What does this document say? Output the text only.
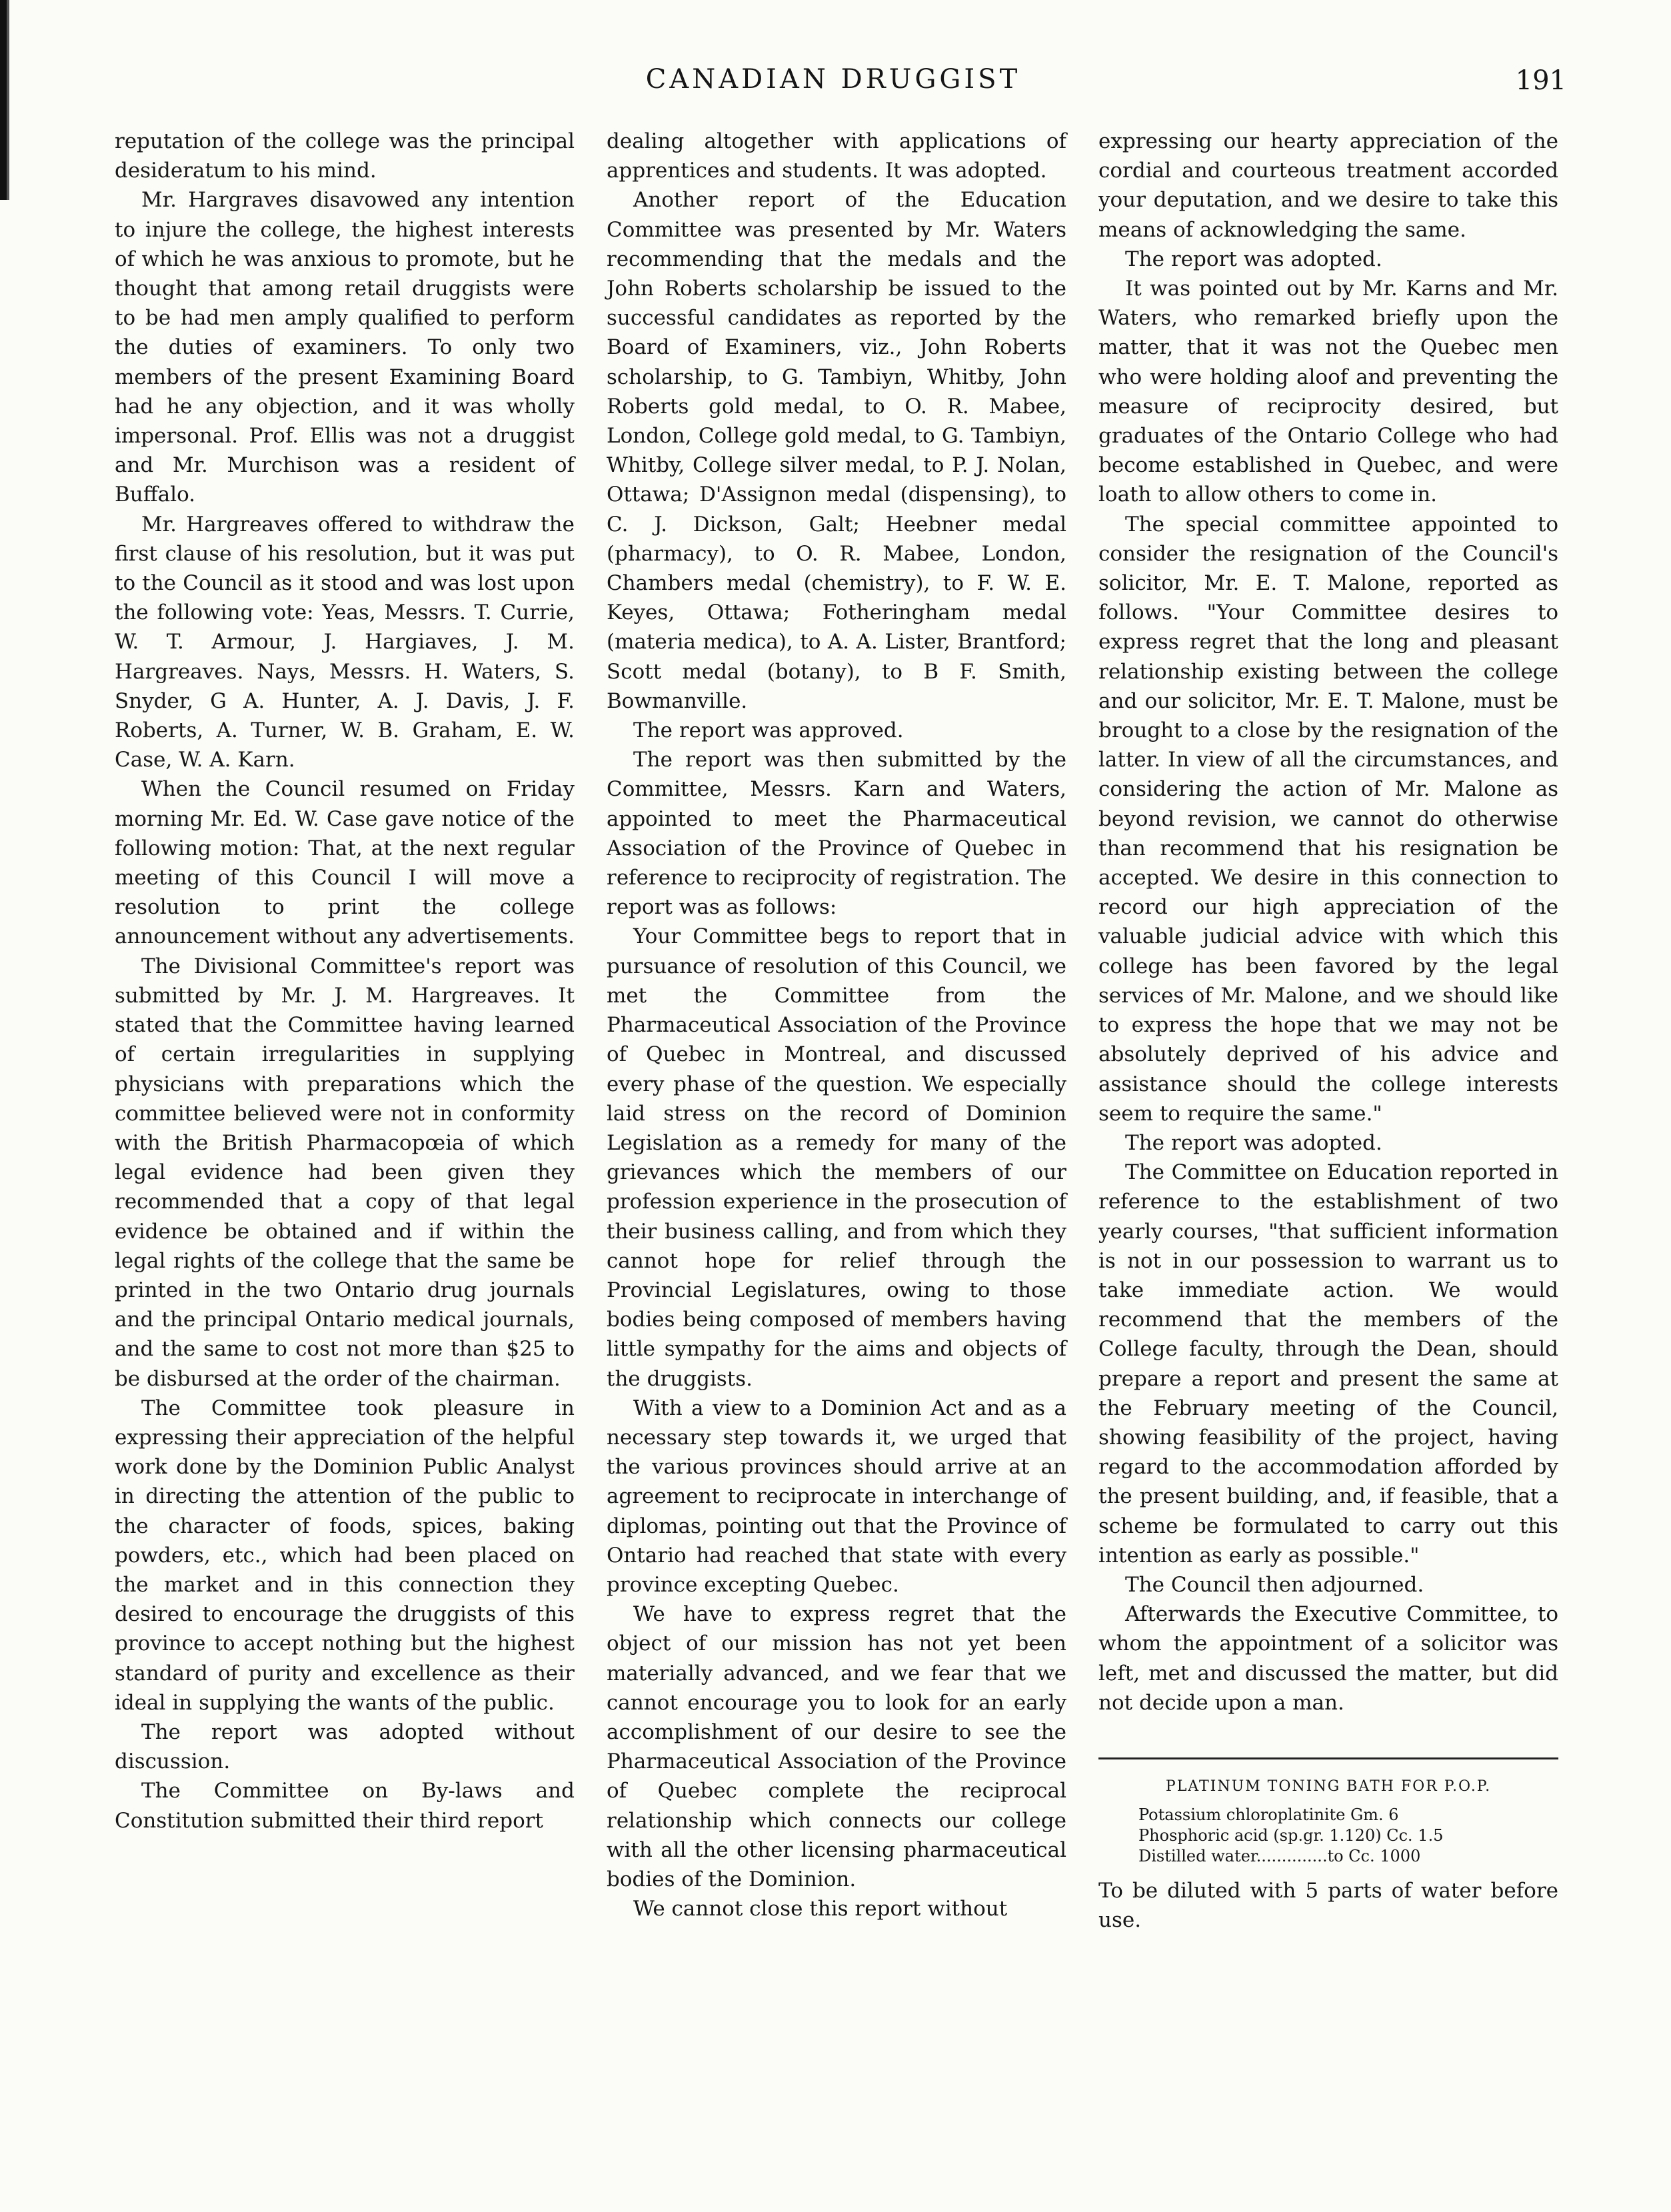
CANADIAN DRUGGIST	191

reputation of the college was the principal desideratum to his mind.

Mr. Hargraves disavowed any intention to injure the college, the highest interests of which he was anxious to promote, but he thought that among retail druggists were to be had men amply qualified to perform the duties of examiners. To only two members of the present Examining Board had he any objection, and it was wholly impersonal. Prof. Ellis was not a druggist and Mr. Murchison was a resident of Buffalo.

Mr. Hargreaves offered to withdraw the first clause of his resolution, but it was put to the Council as it stood and was lost upon the following vote: Yeas, Messrs. T. Currie, W. T. Armour, J. Hargiaves, J. M. Hargreaves. Nays, Messrs. H. Waters, S. Snyder, G A. Hunter, A. J. Davis, J. F. Roberts, A. Turner, W. B. Graham, E. W. Case, W. A. Karn.

When the Council resumed on Friday morning Mr. Ed. W. Case gave notice of the following motion: That, at the next regular meeting of this Council I will move a resolution to print the college announcement without any advertisements.

The Divisional Committee's report was submitted by Mr. J. M. Hargreaves. It stated that the Committee having learned of certain irregularities in supplying physicians with preparations which the committee believed were not in conformity with the British Pharmacopœia of which legal evidence had been given they recommended that a copy of that legal evidence be obtained and if within the legal rights of the college that the same be printed in the two Ontario drug journals and the principal Ontario medical journals, and the same to cost not more than $25 to be disbursed at the order of the chairman.

The Committee took pleasure in expressing their appreciation of the helpful work done by the Dominion Public Analyst in directing the attention of the public to the character of foods, spices, baking powders, etc., which had been placed on the market and in this connection they desired to encourage the druggists of this province to accept nothing but the highest standard of purity and excellence as their ideal in supplying the wants of the public.

The report was adopted without discussion.

The Committee on By-laws and Constitution submitted their third report

dealing altogether with applications of apprentices and students. It was adopted.

Another report of the Education Committee was presented by Mr. Waters recommending that the medals and the John Roberts scholarship be issued to the successful candidates as reported by the Board of Examiners, viz., John Roberts scholarship, to G. Tambiyn, Whitby, John Roberts gold medal, to O. R. Mabee, London, College gold medal, to G. Tambiyn, Whitby, College silver medal, to P. J. Nolan, Ottawa; D'Assignon medal (dispensing), to C. J. Dickson, Galt; Heebner medal (pharmacy), to O. R. Mabee, London, Chambers medal (chemistry), to F. W. E. Keyes, Ottawa; Fotheringham medal (materia medica), to A. A. Lister, Brantford; Scott medal (botany), to B F. Smith, Bowmanville.

The report was approved.

The report was then submitted by the Committee, Messrs. Karn and Waters, appointed to meet the Pharmaceutical Association of the Province of Quebec in reference to reciprocity of registration. The report was as follows:

Your Committee begs to report that in pursuance of resolution of this Council, we met the Committee from the Pharmaceutical Association of the Province of Quebec in Montreal, and discussed every phase of the question. We especially laid stress on the record of Dominion Legislation as a remedy for many of the grievances which the members of our profession experience in the prosecution of their business calling, and from which they cannot hope for relief through the Provincial Legislatures, owing to those bodies being composed of members having little sympathy for the aims and objects of the druggists.

With a view to a Dominion Act and as a necessary step towards it, we urged that the various provinces should arrive at an agreement to reciprocate in interchange of diplomas, pointing out that the Province of Ontario had reached that state with every province excepting Quebec.

We have to express regret that the object of our mission has not yet been materially advanced, and we fear that we cannot encourage you to look for an early accomplishment of our desire to see the Pharmaceutical Association of the Province of Quebec complete the reciprocal relationship which connects our college with all the other licensing pharmaceutical bodies of the Dominion.

We cannot close this report without

expressing our hearty appreciation of the cordial and courteous treatment accorded your deputation, and we desire to take this means of acknowledging the same.

The report was adopted.

It was pointed out by Mr. Karns and Mr. Waters, who remarked briefly upon the matter, that it was not the Quebec men who were holding aloof and preventing the measure of reciprocity desired, but graduates of the Ontario College who had become established in Quebec, and were loath to allow others to come in.

The special committee appointed to consider the resignation of the Council's solicitor, Mr. E. T. Malone, reported as follows. "Your Committee desires to express regret that the long and pleasant relationship existing between the college and our solicitor, Mr. E. T. Malone, must be brought to a close by the resignation of the latter. In view of all the circumstances, and considering the action of Mr. Malone as beyond revision, we cannot do otherwise than recommend that his resignation be accepted. We desire in this connection to record our high appreciation of the valuable judicial advice with which this college has been favored by the legal services of Mr. Malone, and we should like to express the hope that we may not be absolutely deprived of his advice and assistance should the college interests seem to require the same."

The report was adopted.

The Committee on Education reported in reference to the establishment of two yearly courses, "that sufficient information is not in our possession to warrant us to take immediate action. We would recommend that the members of the College faculty, through the Dean, should prepare a report and present the same at the February meeting of the Council, showing feasibility of the project, having regard to the accommodation afforded by the present building, and, if feasible, that a scheme be formulated to carry out this intention as early as possible."

The Council then adjourned.

Afterwards the Executive Committee, to whom the appointment of a solicitor was left, met and discussed the matter, but did not decide upon a man.

PLATINUM TONING BATH FOR P.O.P.
Potassium chloroplatinite Gm. 6
Phosphoric acid (sp.gr. 1.120) Cc. 1.5
Distilled water..............to Cc. 1000

To be diluted with 5 parts of water before use.
